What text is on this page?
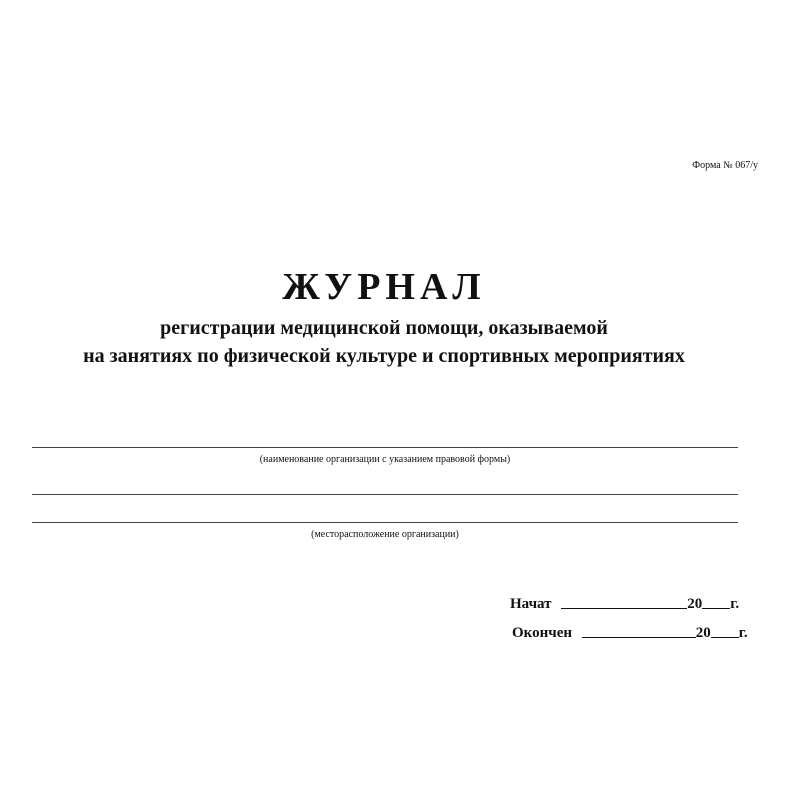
Форма № 067/у
ЖУРНАЛ
регистрации медицинской помощи, оказываемой
на занятиях по физической культуре и спортивных мероприятиях
(наименование организации с указанием правовой формы)
(месторасположение организации)
Начат	20 г.
Окончен	20 г.
